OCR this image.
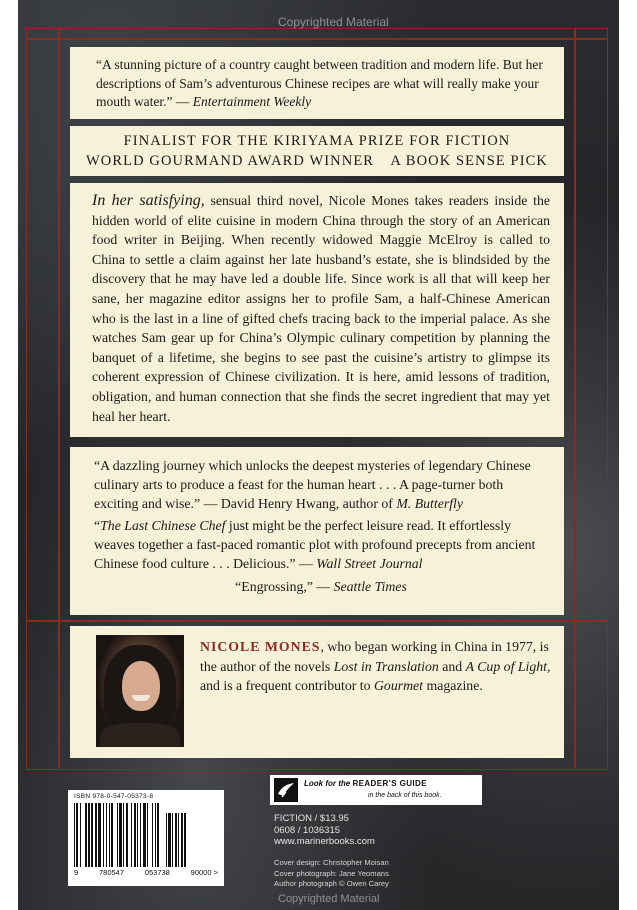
Copyrighted Material
“A stunning picture of a country caught between tradition and modern life. But her descriptions of Sam’s adventurous Chinese recipes are what will really make your mouth water.” — Entertainment Weekly
FINALIST FOR THE KIRIYAMA PRIZE FOR FICTION
WORLD GOURMAND AWARD WINNER A BOOK SENSE PICK
In her satisfying, sensual third novel, Nicole Mones takes readers inside the hidden world of elite cuisine in modern China through the story of an American food writer in Beijing. When recently widowed Maggie McElroy is called to China to settle a claim against her late husband’s estate, she is blindsided by the discovery that he may have led a double life. Since work is all that will keep her sane, her magazine editor assigns her to profile Sam, a half-Chinese American who is the last in a line of gifted chefs tracing back to the imperial palace. As she watches Sam gear up for China’s Olympic culinary competition by planning the banquet of a lifetime, she begins to see past the cuisine’s artistry to glimpse its coherent expression of Chinese civilization. It is here, amid lessons of tradition, obligation, and human connection that she finds the secret ingredient that may yet heal her heart.

“A dazzling journey which unlocks the deepest mysteries of legendary Chinese culinary arts to produce a feast for the human heart . . . A page-turner both exciting and wise.” — David Henry Hwang, author of M. Butterfly

“The Last Chinese Chef just might be the perfect leisure read. It effortlessly weaves together a fast-paced romantic plot with profound precepts from ancient Chinese food culture . . . Delicious.” — Wall Street Journal

“Engrossing,” — Seattle Times

NICOLE MONES, who began working in China in 1977, is the author of the novels Lost in Translation and A Cup of Light, and is a frequent contributor to Gourmet magazine.
ISBN 978-0-547-05373-8
9	780547	053738	90000 >
Look for the READER’S GUIDE
in the back of this book.
FICTION / $13.95
0608 / 1036315
www.marinerbooks.com
Cover design: Christopher Moisan
Cover photograph: Jane Yeomans
Author photograph © Owen Carey
Copyrighted Material
